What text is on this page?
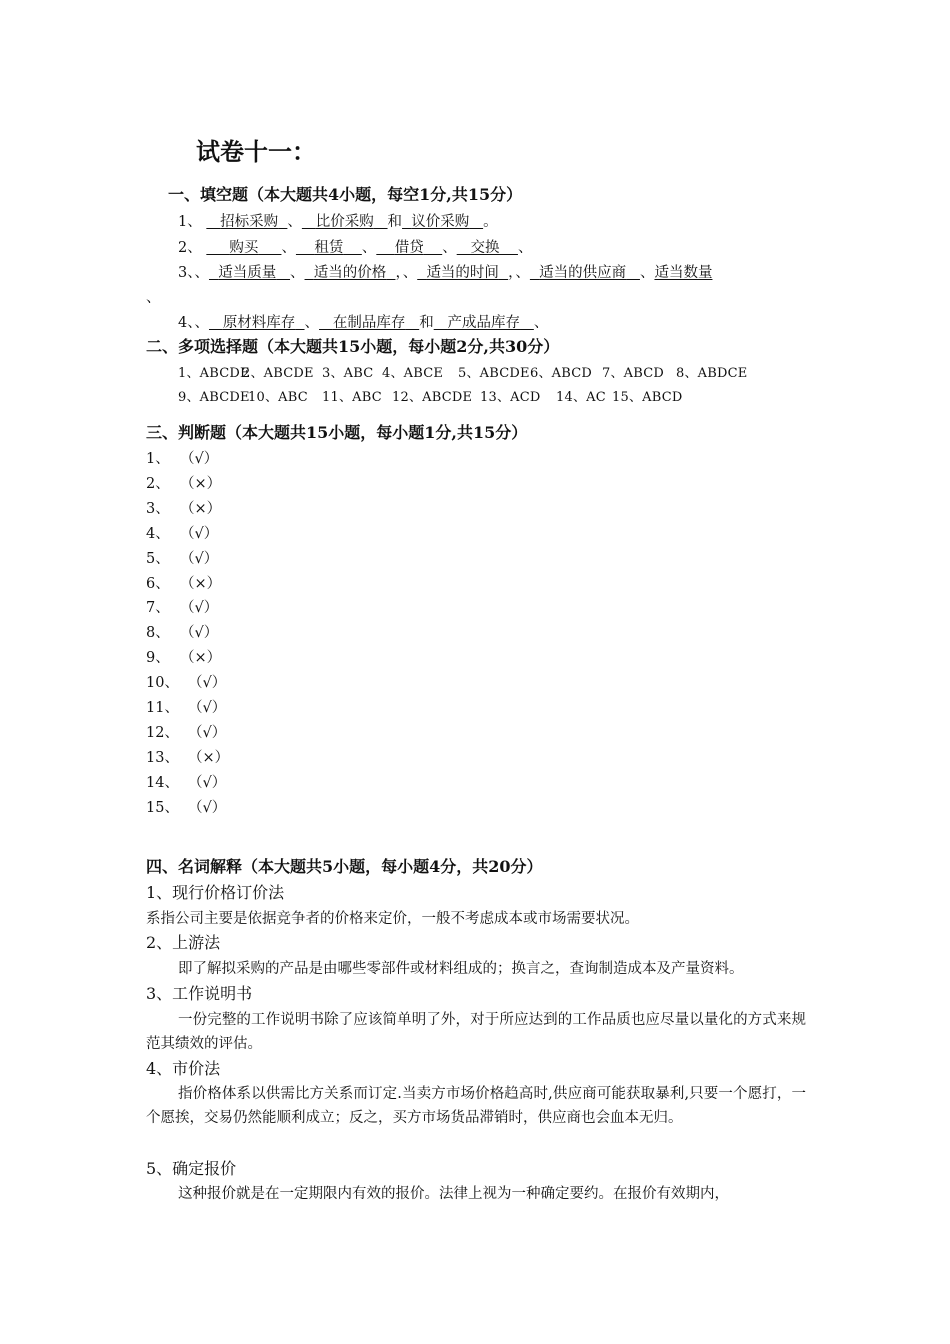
试卷十一：
一、填空题（本大题共4小题，每空1分,共15分）
1、 招标采购 、 比价采购 和 议价采购 。
2、 购买 、 租赁 、 借贷 、 交换 、
3、、 适当质量 、 适当的价格 ，、 适当的时间 ，、 适当的供应商 、适当数量
、
4、、 原材料库存 、 在制品库存 和 产成品库存 、
二、多项选择题（本大题共15小题，每小题2分,共30分）
1、ABCDE2、ABCDE 3、ABC 4、ABCE 5、ABCDE6、ABCD 7、ABCD 8、ABDCE
9、ABCDE10、ABC 11、ABC 12、ABCDE 13、ACD 14、AC 15、ABCD
三、判断题（本大题共15小题，每小题1分,共15分）
1、 （√）
2、 （×）
3、 （×）
4、 （√）
5、 （√）
6、 （×）
7、 （√）
8、 （√）
9、 （×）
10、 （√）
11、 （√）
12、 （√）
13、 （×）
14、 （√）
15、 （√）
四、名词解释（本大题共5小题，每小题4分，共20分）
1、现行价格订价法
系指公司主要是依据竞争者的价格来定价，一般不考虑成本或市场需要状况。
2、上游法
即了解拟采购的产品是由哪些零部件或材料组成的；换言之，查询制造成本及产量资料。
3、工作说明书
一份完整的工作说明书除了应该简单明了外，对于所应达到的工作品质也应尽量以量化的方式来规范其绩效的评估。
4、市价法
指价格体系以供需比方关系而订定.当卖方市场价格趋高时,供应商可能获取暴利,只要一个愿打，一个愿挨，交易仍然能顺利成立；反之，买方市场货品滞销时，供应商也会血本无归。
5、确定报价
这种报价就是在一定期限内有效的报价。法律上视为一种确定要约。在报价有效期内，
